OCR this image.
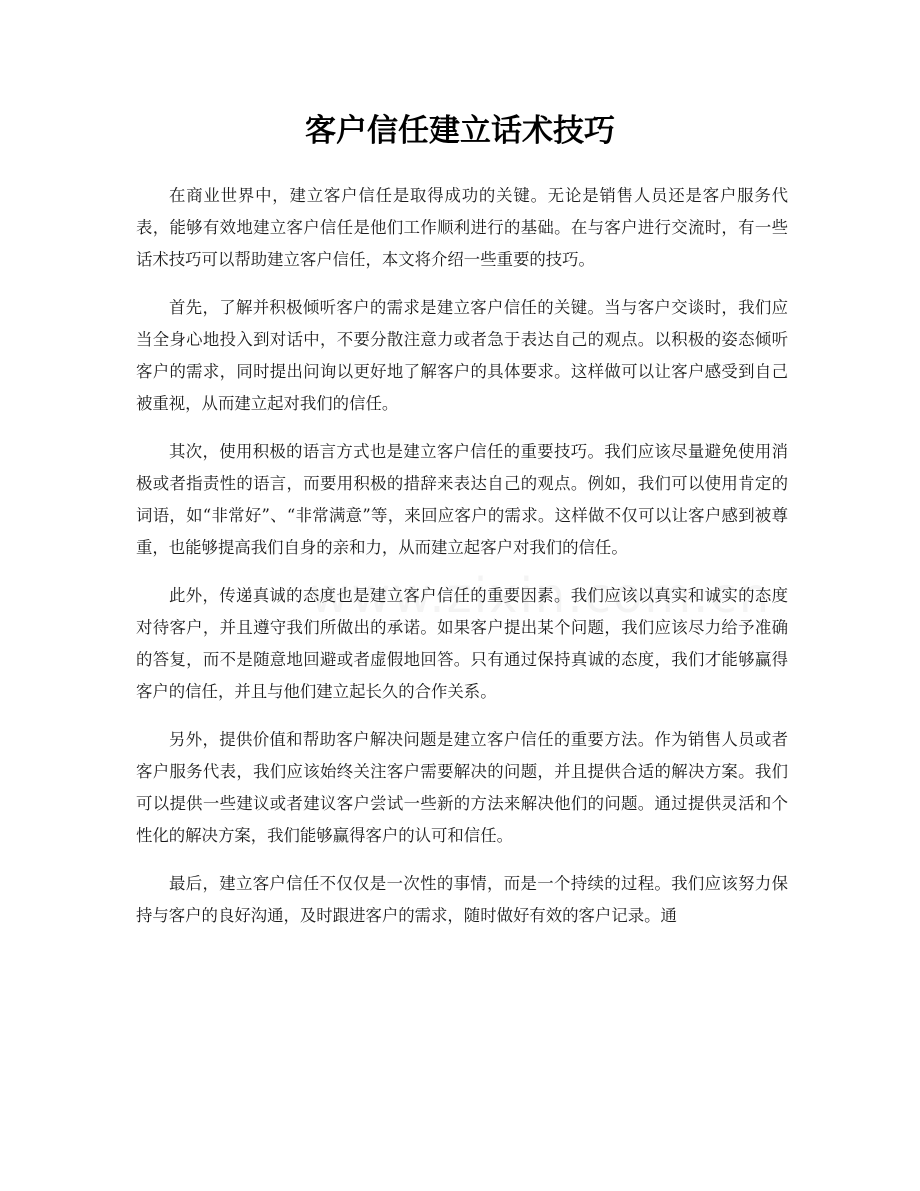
客户信任建立话术技巧

在商业世界中，建立客户信任是取得成功的关键。无论是销售人员还是客户服务代表，能够有效地建立客户信任是他们工作顺利进行的基础。在与客户进行交流时，有一些话术技巧可以帮助建立客户信任，本文将介绍一些重要的技巧。

首先，了解并积极倾听客户的需求是建立客户信任的关键。当与客户交谈时，我们应当全身心地投入到对话中，不要分散注意力或者急于表达自己的观点。以积极的姿态倾听客户的需求，同时提出问询以更好地了解客户的具体要求。这样做可以让客户感受到自己被重视，从而建立起对我们的信任。

其次，使用积极的语言方式也是建立客户信任的重要技巧。我们应该尽量避免使用消极或者指责性的语言，而要用积极的措辞来表达自己的观点。例如，我们可以使用肯定的词语，如“非常好”、“非常满意”等，来回应客户的需求。这样做不仅可以让客户感到被尊重，也能够提高我们自身的亲和力，从而建立起客户对我们的信任。

此外，传递真诚的态度也是建立客户信任的重要因素。我们应该以真实和诚实的态度对待客户，并且遵守我们所做出的承诺。如果客户提出某个问题，我们应该尽力给予准确的答复，而不是随意地回避或者虚假地回答。只有通过保持真诚的态度，我们才能够赢得客户的信任，并且与他们建立起长久的合作关系。

另外，提供价值和帮助客户解决问题是建立客户信任的重要方法。作为销售人员或者客户服务代表，我们应该始终关注客户需要解决的问题，并且提供合适的解决方案。我们可以提供一些建议或者建议客户尝试一些新的方法来解决他们的问题。通过提供灵活和个性化的解决方案，我们能够赢得客户的认可和信任。

最后，建立客户信任不仅仅是一次性的事情，而是一个持续的过程。我们应该努力保持与客户的良好沟通，及时跟进客户的需求，随时做好有效的客户记录。通
